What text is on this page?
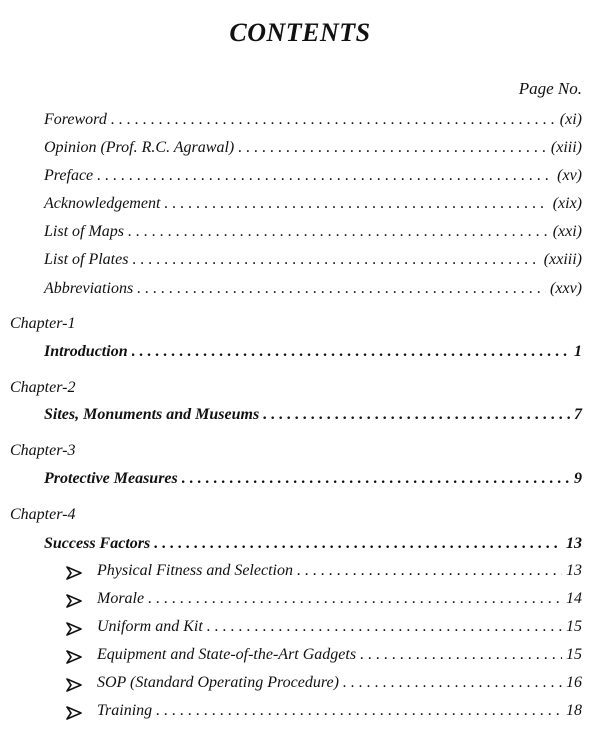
CONTENTS
Page No.
Foreword . . .	(xi)
Opinion (Prof. R.C. Agrawal) . . .	(xiii)
Preface . . .	(xv)
Acknowledgement . . .	(xix)
List of Maps . . .	(xxi)
List of Plates . . .	(xxiii)
Abbreviations . . .	(xxv)
Chapter-1
Introduction . . .	1
Chapter-2
Sites, Monuments and Museums . . .	7
Chapter-3
Protective Measures . . .	9
Chapter-4
Success Factors . . .	13
Physical Fitness and Selection . . .	13
Morale . . .	14
Uniform and Kit . . .	15
Equipment and State-of-the-Art Gadgets . . .	15
SOP (Standard Operating Procedure) . . .	16
Training . . .	18
